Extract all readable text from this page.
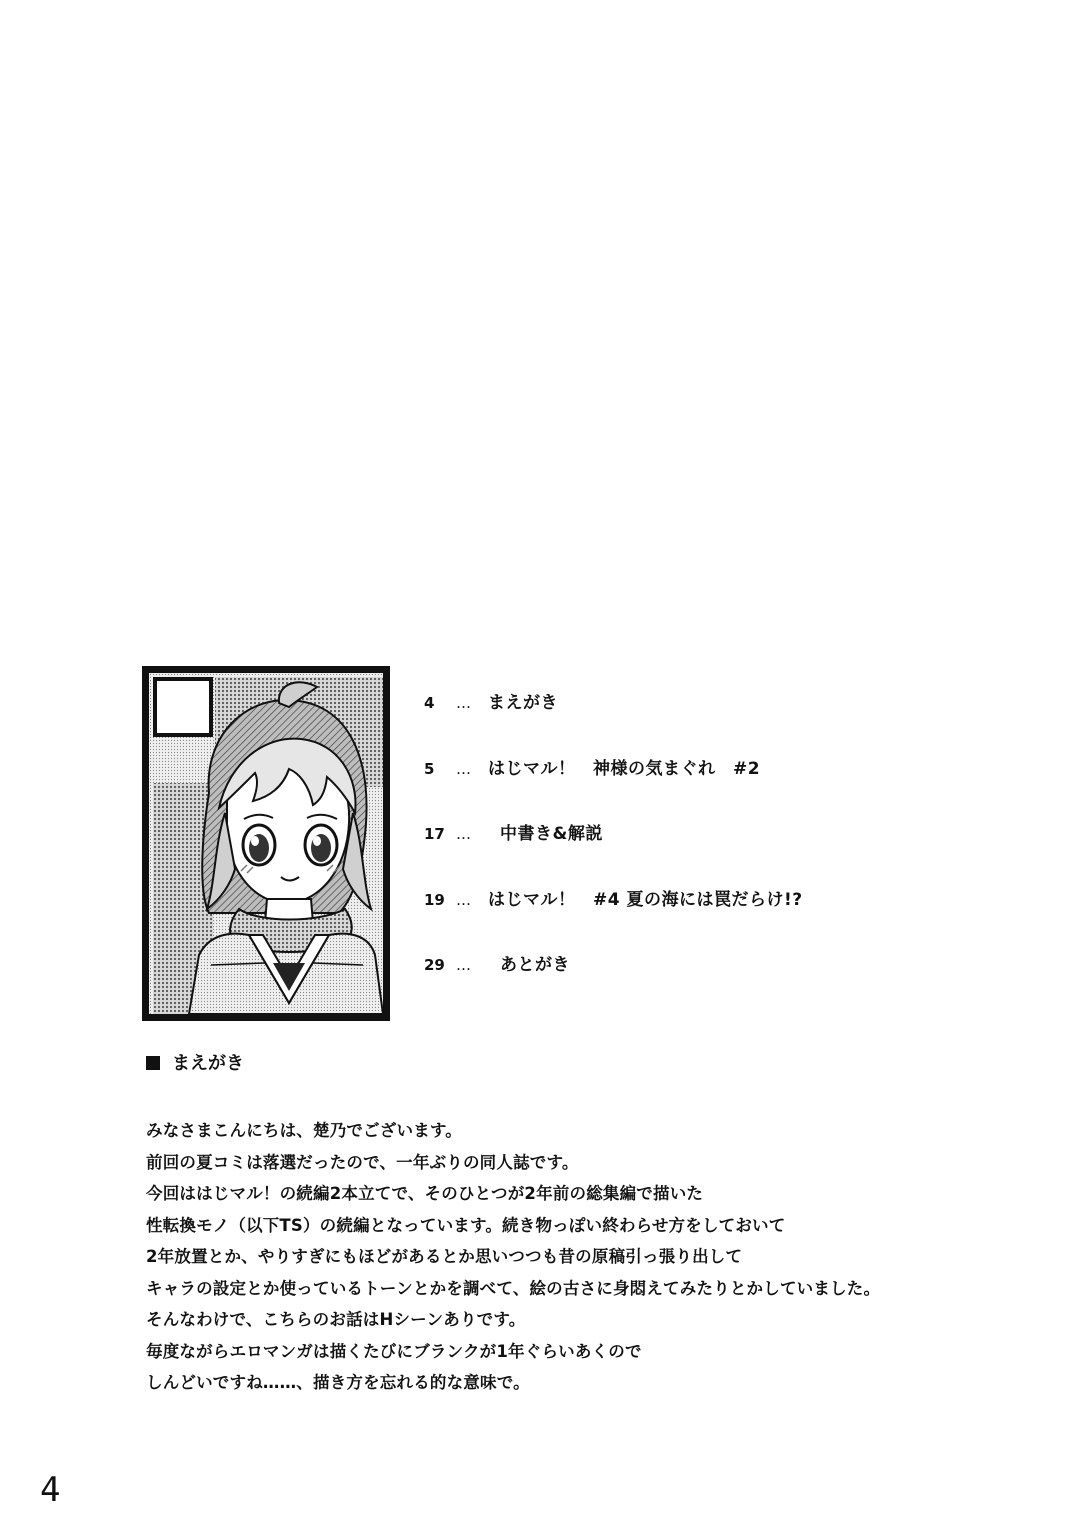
4 … まえがき
5 … はじマル！　神様の気まぐれ　#2
17 … 中書き&解説
19 … はじマル！　#4 夏の海には罠だらけ!?
29 … あとがき
まえがき
みなさまこんにちは、楚乃でございます。
前回の夏コミは落選だったので、一年ぶりの同人誌です。
今回ははじマル！の続編2本立てで、そのひとつが2年前の総集編で描いた
性転換モノ（以下TS）の続編となっています。続き物っぽい終わらせ方をしておいて
2年放置とか、やりすぎにもほどがあるとか思いつつも昔の原稿引っ張り出して
キャラの設定とか使っているトーンとかを調べて、絵の古さに身悶えてみたりとかしていました。
そんなわけで、こちらのお話はHシーンありです。
毎度ながらエロマンガは描くたびにブランクが1年ぐらいあくので
しんどいですね……、描き方を忘れる的な意味で。
4
